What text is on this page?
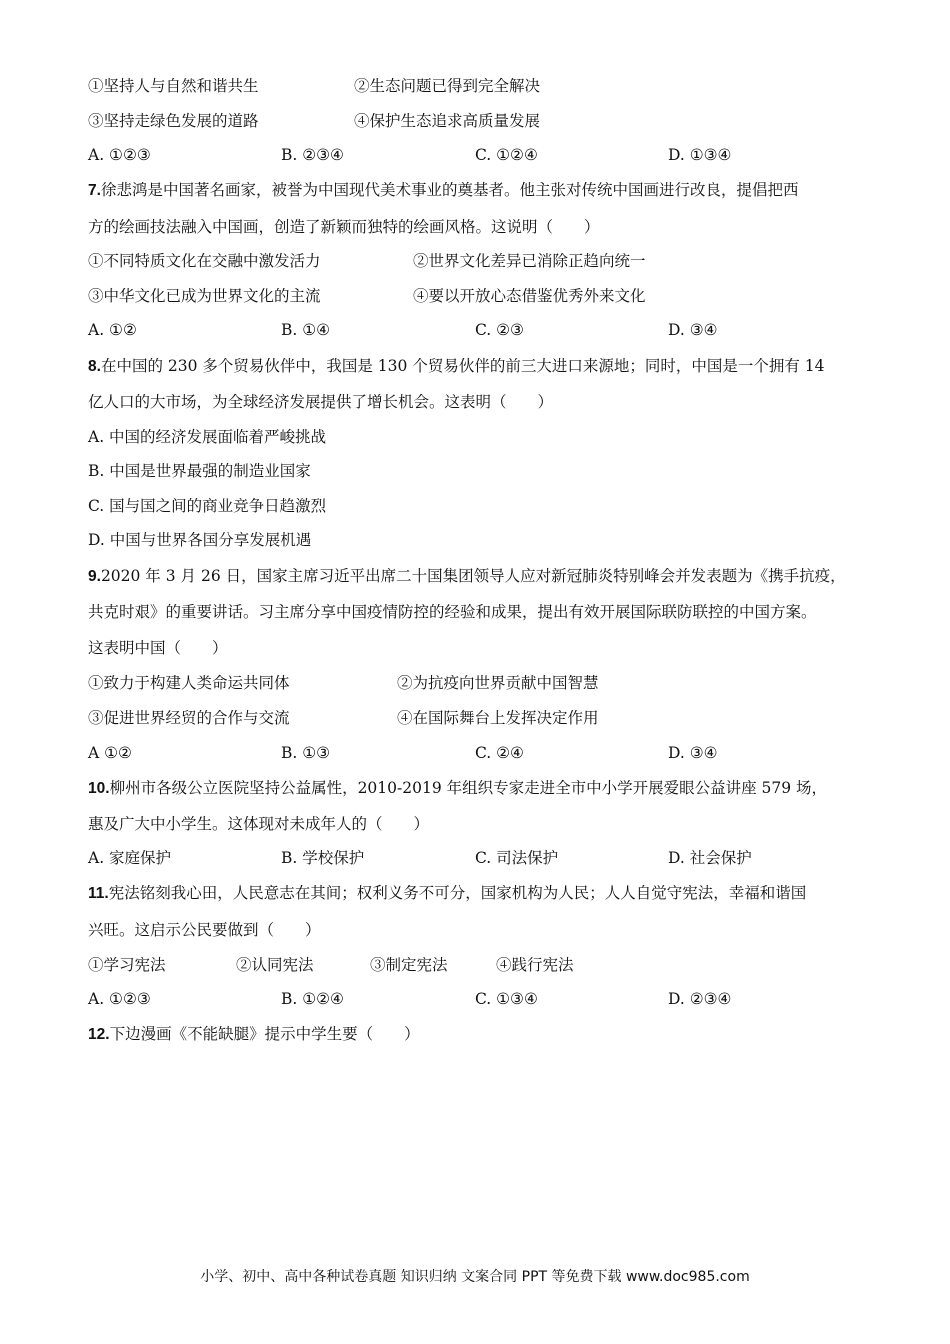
①坚持人与自然和谐共生	②生态问题已得到完全解决
③坚持走绿色发展的道路	④保护生态追求高质量发展
A. ①②③	B. ②③④	C. ①②④	D. ①③④
7.徐悲鸿是中国著名画家，被誉为中国现代美术事业的奠基者。他主张对传统中国画进行改良，提倡把西
方的绘画技法融入中国画，创造了新颖而独特的绘画风格。这说明（　　）
①不同特质文化在交融中激发活力	②世界文化差异已消除正趋向统一
③中华文化已成为世界文化的主流	④要以开放心态借鉴优秀外来文化
A. ①②	B. ①④	C. ②③	D. ③④
8.在中国的 230 多个贸易伙伴中，我国是 130 个贸易伙伴的前三大进口来源地；同时，中国是一个拥有 14
亿人口的大市场，为全球经济发展提供了增长机会。这表明（　　）
A. 中国的经济发展面临着严峻挑战
B. 中国是世界最强的制造业国家
C. 国与国之间的商业竞争日趋激烈
D. 中国与世界各国分享发展机遇
9.2020 年 3 月 26 日，国家主席习近平出席二十国集团领导人应对新冠肺炎特别峰会并发表题为《携手抗疫，
共克时艰》的重要讲话。习主席分享中国疫情防控的经验和成果，提出有效开展国际联防联控的中国方案。
这表明中国（　　）
①致力于构建人类命运共同体	②为抗疫向世界贡献中国智慧
③促进世界经贸的合作与交流	④在国际舞台上发挥决定作用
A ①②	B. ①③	C. ②④	D. ③④
10.柳州市各级公立医院坚持公益属性，2010-2019 年组织专家走进全市中小学开展爱眼公益讲座 579 场，
惠及广大中小学生。这体现对未成年人的（　　）
A. 家庭保护	B. 学校保护	C. 司法保护	D. 社会保护
11.宪法铭刻我心田，人民意志在其间；权利义务不可分，国家机构为人民；人人自觉守宪法，幸福和谐国
兴旺。这启示公民要做到（　　）
①学习宪法	②认同宪法	③制定宪法	④践行宪法
A. ①②③	B. ①②④	C. ①③④	D. ②③④
12.下边漫画《不能缺腿》提示中学生要（　　）
小学、初中、高中各种试卷真题 知识归纳 文案合同 PPT 等免费下载 www.doc985.com
